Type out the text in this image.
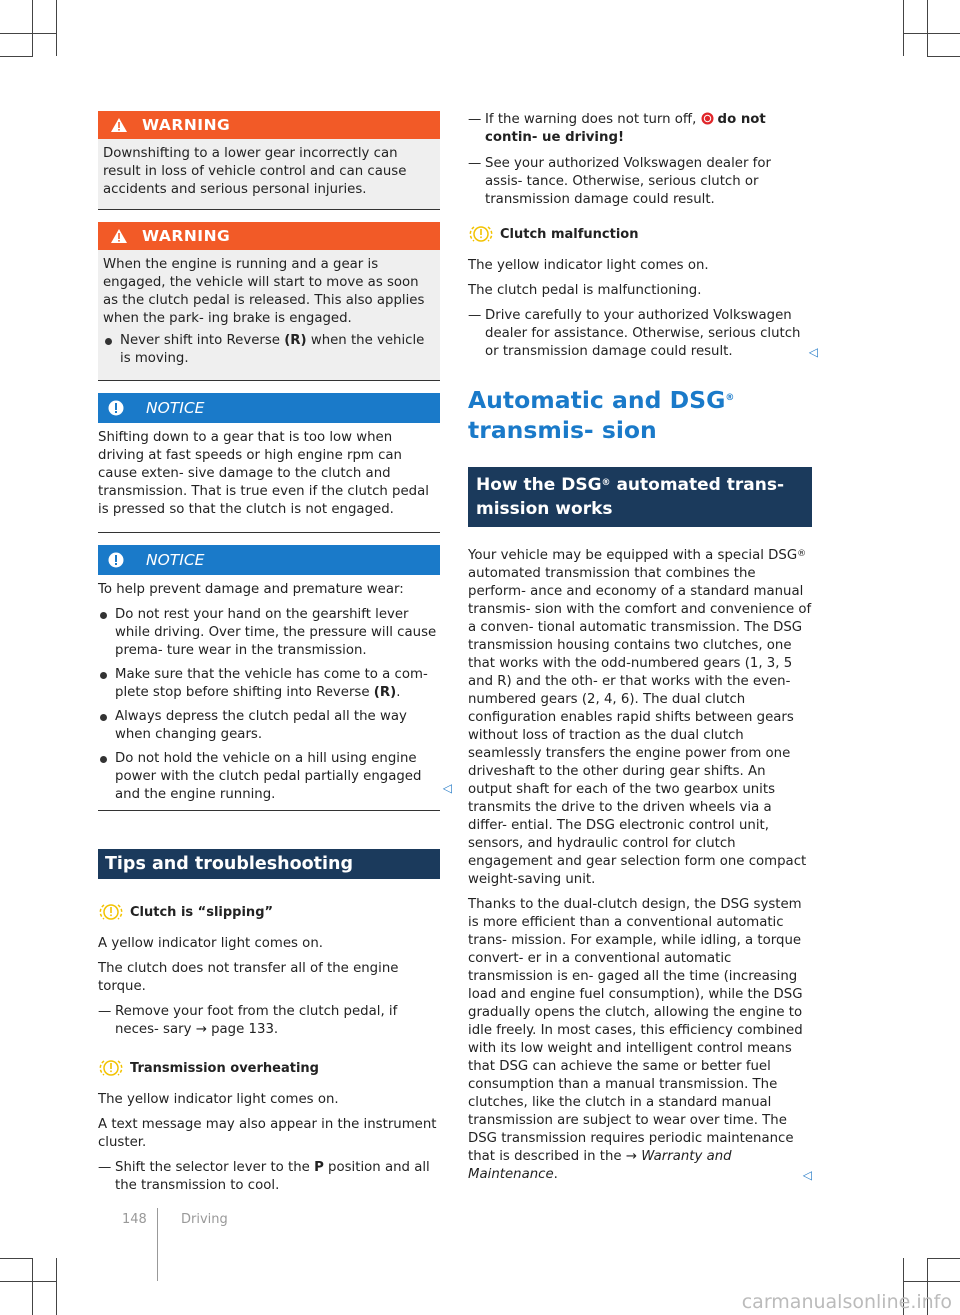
WARNING

Downshifting to a lower gear incorrectly can result in loss of vehicle control and can cause accidents and serious personal injuries.

WARNING

When the engine is running and a gear is engaged, the vehicle will start to move as soon as the clutch pedal is released. This also applies when the park- ing brake is engaged.

Never shift into Reverse (R) when the vehicle is moving.
NOTICE

Shifting down to a gear that is too low when driving at fast speeds or high engine rpm can cause exten- sive damage to the clutch and transmission. That is true even if the clutch pedal is pressed so that the clutch is not engaged.

NOTICE

To help prevent damage and premature wear:

Do not rest your hand on the gearshift lever while driving. Over time, the pressure will cause prema- ture wear in the transmission.
Make sure that the vehicle has come to a com- plete stop before shifting into Reverse (R).
Always depress the clutch pedal all the way when changing gears.
Do not hold the vehicle on a hill using engine power with the clutch pedal partially engaged and the engine running.	◁
Tips and troubleshooting
Clutch is “slipping”

A yellow indicator light comes on.

The clutch does not transfer all of the engine torque.

— Remove your foot from the clutch pedal, if neces- sary → page 133.
Transmission overheating

The yellow indicator light comes on.

A text message may also appear in the instrument cluster.

— Shift the selector lever to the P position and all the transmission to cool.
— If the warning does not turn off, do not contin- ue driving!
— See your authorized Volkswagen dealer for assis- tance. Otherwise, serious clutch or transmission damage could result.
Clutch malfunction

The yellow indicator light comes on.

The clutch pedal is malfunctioning.

— Drive carefully to your authorized Volkswagen dealer for assistance. Otherwise, serious clutch or transmission damage could result.	◁
Automatic and DSG® transmis- sion
How the DSG® automated trans- mission works

Your vehicle may be equipped with a special DSG® automated transmission that combines the perform- ance and economy of a standard manual transmis- sion with the comfort and convenience of a conven- tional automatic transmission. The DSG transmission housing contains two clutches, one that works with the odd-numbered gears (1, 3, 5 and R) and the oth- er that works with the even-numbered gears (2, 4, 6). The dual clutch configuration enables rapid shifts between gears without loss of traction as the dual clutch seamlessly transfers the engine power from one driveshaft to the other during gear shifts. An output shaft for each of the two gearbox units transmits the drive to the driven wheels via a differ- ential. The DSG electronic control unit, sensors, and hydraulic control for clutch engagement and gear selection form one compact weight-saving unit.

Thanks to the dual-clutch design, the DSG system is more efficient than a conventional automatic trans- mission. For example, while idling, a torque convert- er in a conventional automatic transmission is en- gaged all the time (increasing load and engine fuel consumption), while the DSG gradually opens the clutch, allowing the engine to idle freely. In most cases, this efficiency combined with its low weight and intelligent control means that DSG can achieve the same or better fuel consumption than a manual transmission. The clutches, like the clutch in a standard manual transmission are subject to wear over time. The DSG transmission requires periodic maintenance that is described in the → Warranty and Maintenance.	◁

148	Driving
carmanualsonline.info
